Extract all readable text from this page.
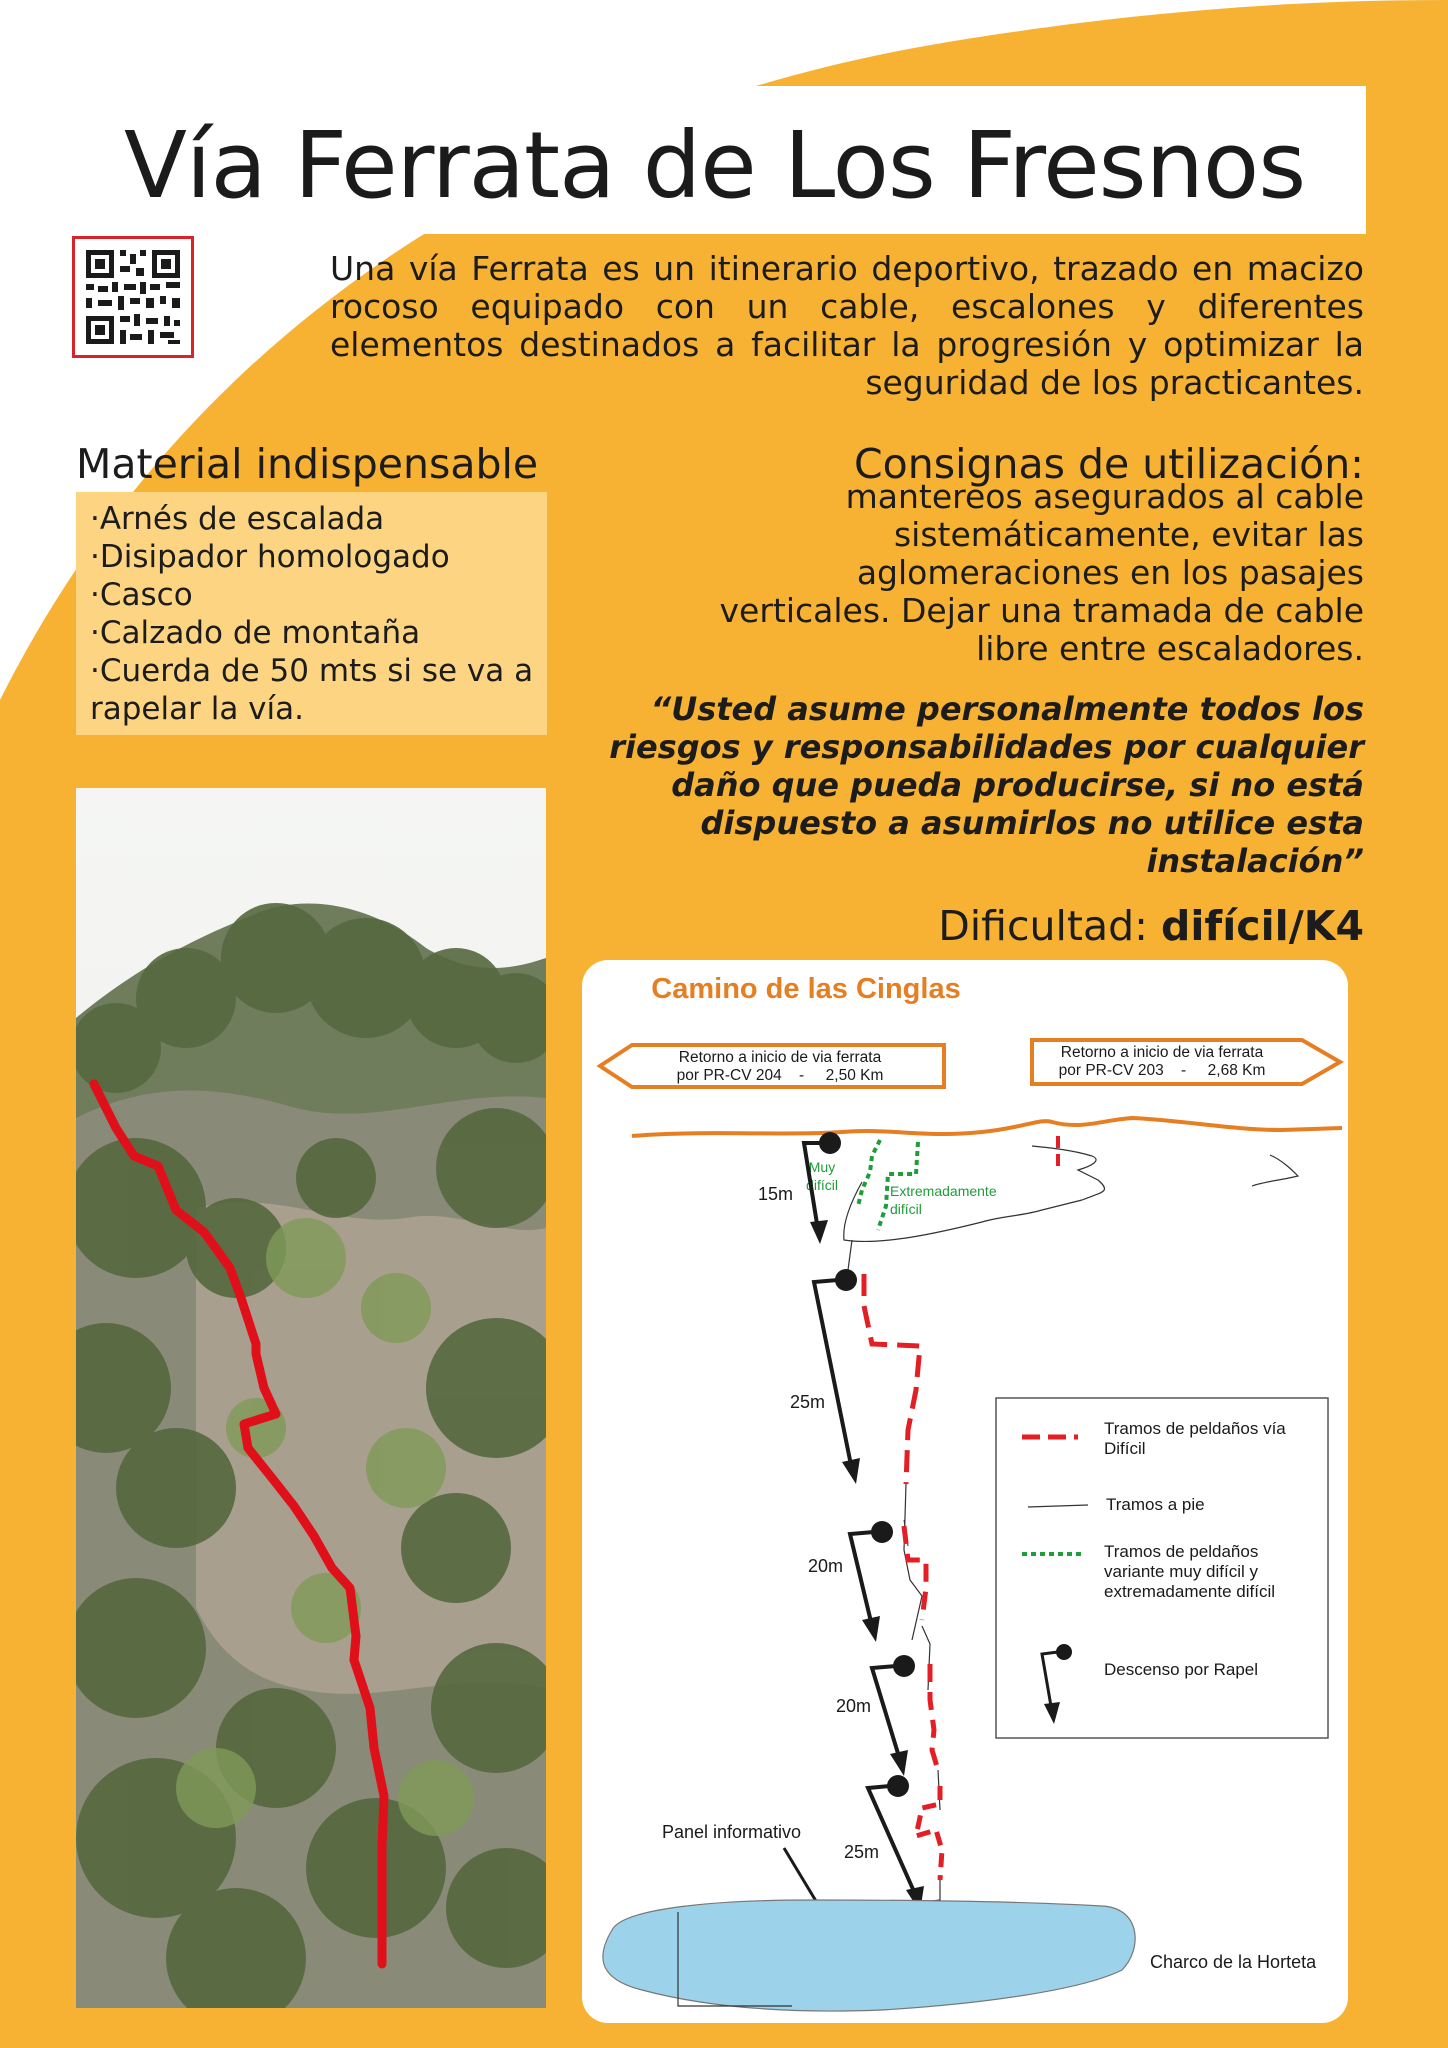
Vía Ferrata de Los Fresnos
Una vía Ferrata es un itinerario deportivo, trazado en macizo rocoso equipado con un cable, escalones y diferentes elementos destinados a facilitar la progresión y optimizar la seguridad de los practicantes.
Material indispensable
·Arnés de escalada
·Disipador homologado
·Casco
·Calzado de montaña
·Cuerda de 50 mts si se va a rapelar la vía.
Consignas de utilización:
mantereos asegurados al cable sistemáticamente, evitar las aglomeraciones en los pasajes verticales. Dejar una tramada de cable libre entre escaladores.
“Usted asume personalmente todos los riesgos y responsabilidades por cualquier daño que pueda producirse, si no está dispuesto a asumirlos no utilice esta instalación”
Dificultad: difícil/K4
Camino de las Cinglas
Retorno a inicio de via ferrata
por PR-CV 204    -     2,50 Km
Retorno a inicio de via ferrata
por PR-CV 203    -     2,68 Km
Muy
difícil	Extremadamente
difícil
15m
25m
20m
20m
25m
Panel informativo
Charco de la Horteta
Tramos de peldaños vía
Difícil
Tramos a pie
Tramos de peldaños
variante muy difícil y
extremadamente difícil
Descenso por Rapel
